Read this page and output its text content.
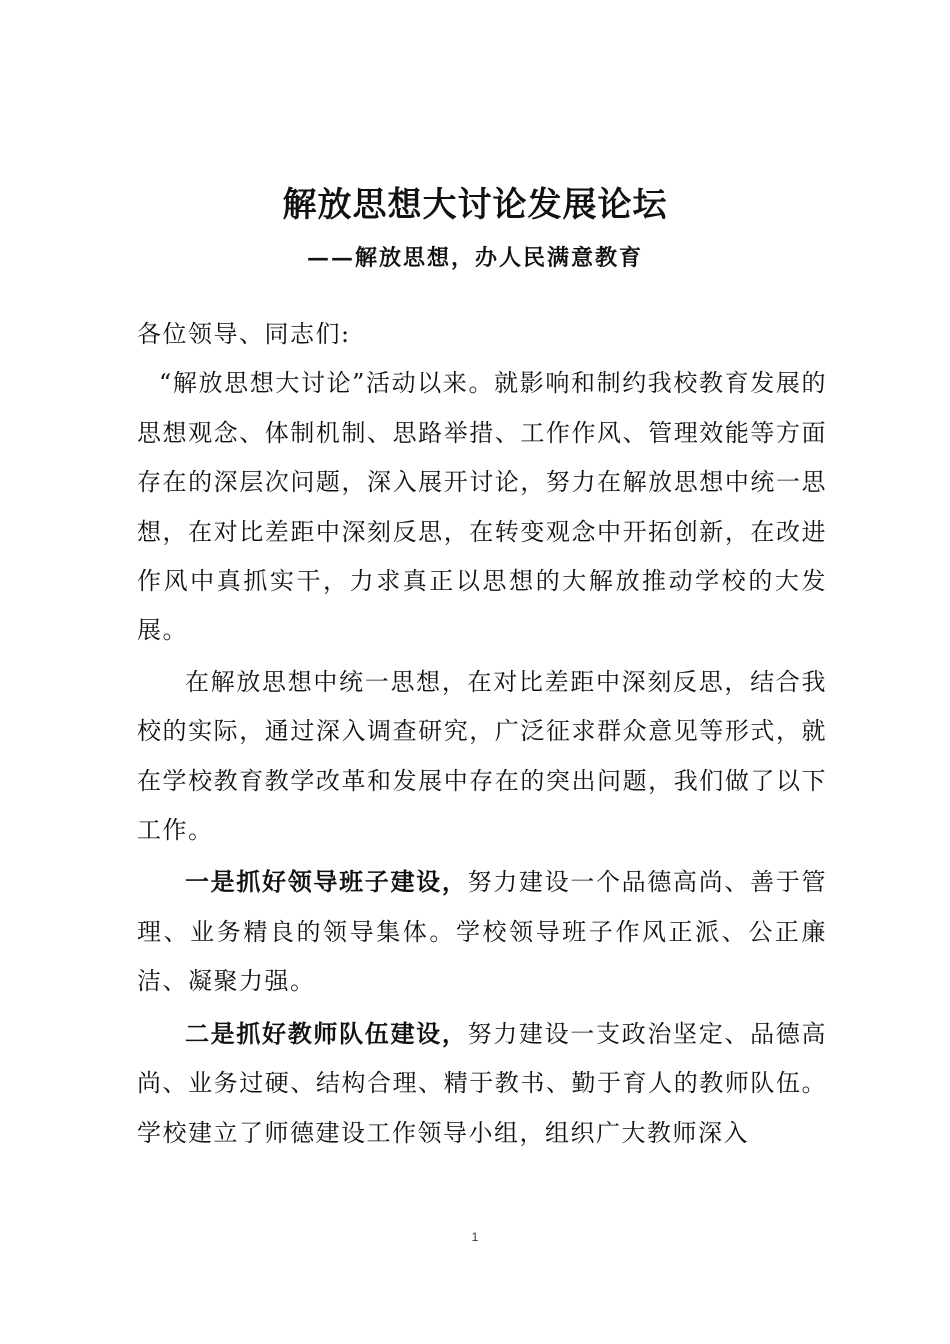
解放思想大讨论发展论坛
——解放思想，办人民满意教育

各位领导、同志们:

“解放思想大讨论”活动以来。就影响和制约我校教育发展的思想观念、体制机制、思路举措、工作作风、管理效能等方面存在的深层次问题，深入展开讨论，努力在解放思想中统一思想，在对比差距中深刻反思，在转变观念中开拓创新，在改进作风中真抓实干，力求真正以思想的大解放推动学校的大发展。

在解放思想中统一思想，在对比差距中深刻反思，结合我校的实际，通过深入调查研究，广泛征求群众意见等形式，就在学校教育教学改革和发展中存在的突出问题，我们做了以下工作。

一是抓好领导班子建设，努力建设一个品德高尚、善于管理、业务精良的领导集体。学校领导班子作风正派、公正廉洁、凝聚力强。

二是抓好教师队伍建设，努力建设一支政治坚定、品德高尚、业务过硬、结构合理、精于教书、勤于育人的教师队伍。学校建立了师德建设工作领导小组，组织广大教师深入

1
